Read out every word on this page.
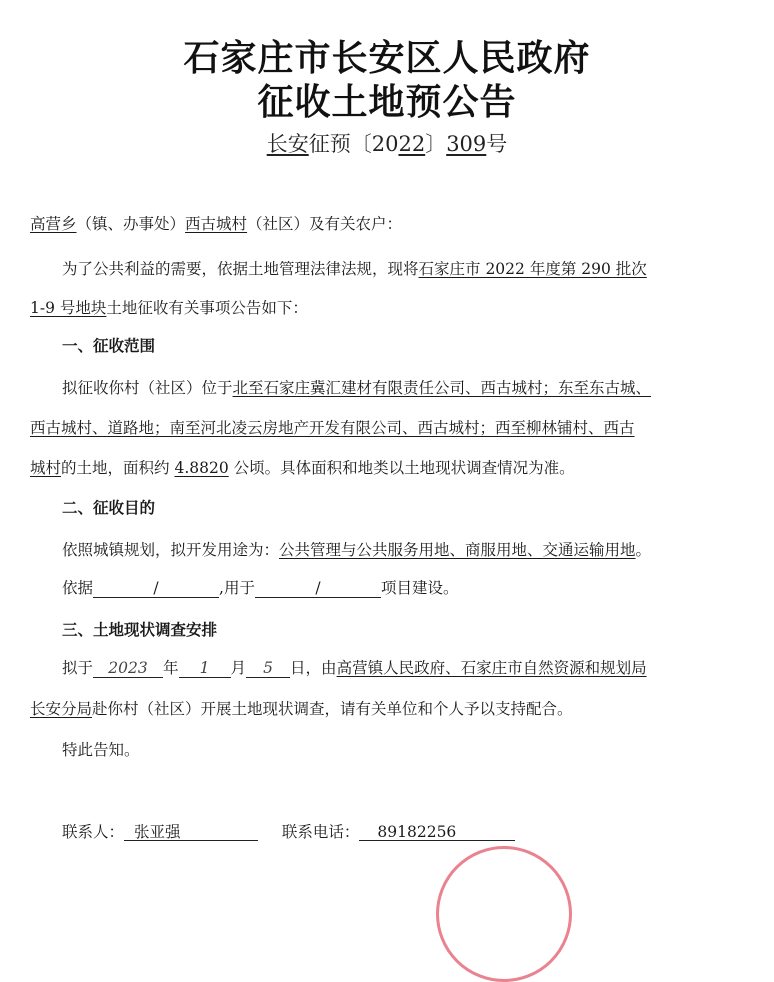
石家庄市长安区人民政府
征收土地预公告
长安征预〔2022〕309号
高营乡（镇、办事处）西古城村（社区）及有关农户：
为了公共利益的需要，依据土地管理法律法规，现将石家庄市 2022 年度第 290 批次
1-9 号地块土地征收有关事项公告如下：
一、征收范围
拟征收你村（社区）位于北至石家庄冀汇建材有限责任公司、西古城村；东至东古城、
西古城村、道路地；南至河北凌云房地产开发有限公司、西古城村；西至柳林铺村、西古
城村的土地，面积约 4.8820 公顷。具体面积和地类以土地现状调查情况为准。
二、征收目的
依照城镇规划，拟开发用途为：公共管理与公共服务用地、商服用地、交通运输用地。
依据	/	,用于	/	项目建设。
三、土地现状调查安排
拟于 2023 年 1 月 5 日，由高营镇人民政府、石家庄市自然资源和规划局
长安分局赴你村（社区）开展土地现状调查，请有关单位和个人予以支持配合。
特此告知。
联系人： 张亚强	联系电话： 89182256
